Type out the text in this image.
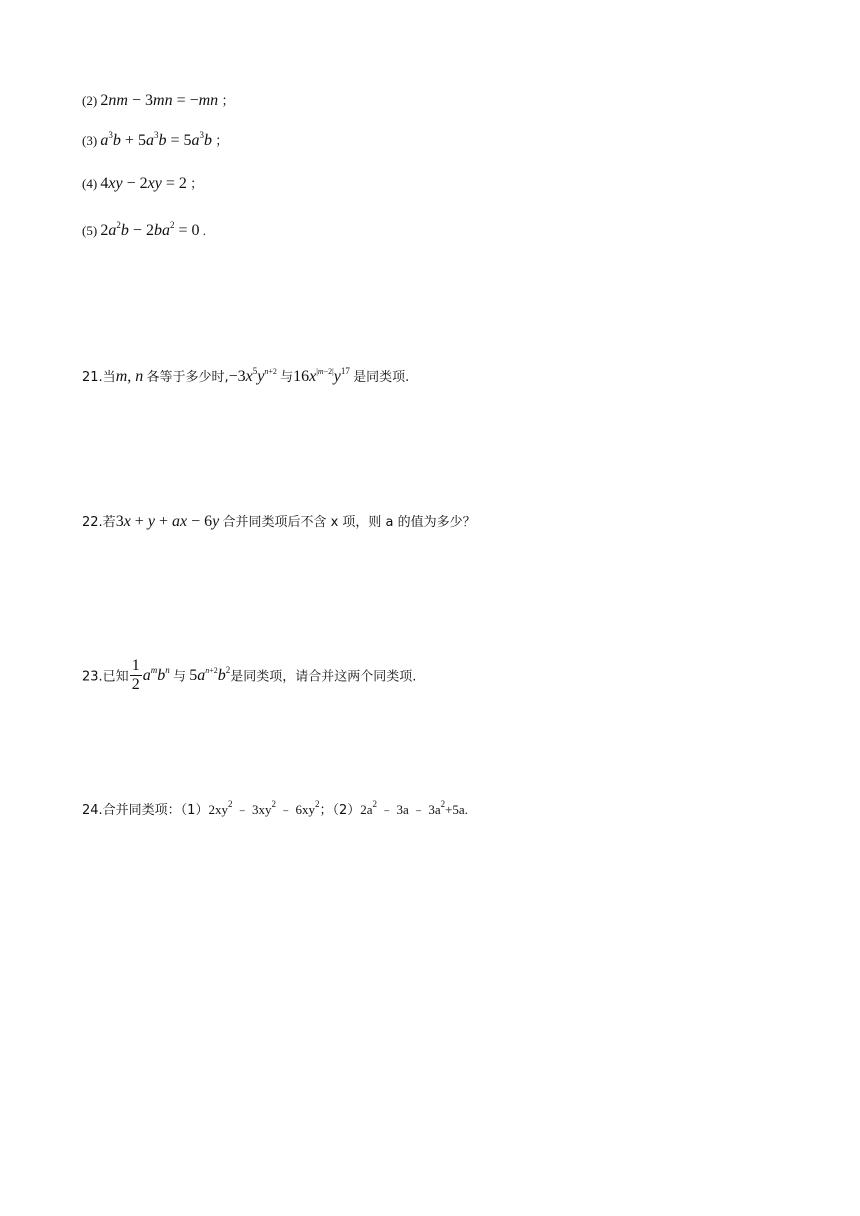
(2) 2nm − 3mn = −mn ；
(3) $a^3b + 5a^3b = 5a^3b$ ；
(4) 4xy − 2xy = 2 ；
(5) $2a^2b - 2ba^2 = 0$ .
21.当m, n 各等于多少时$,-3x^5y^{n+2}$ 与$16x^{|m-2|}y^{17}$ 是同类项.
22.若3x + y + ax − 6y 合并同类项后不含 x 项，则 a 的值为多少？
23.已知 $\frac{1}{2} a^mb^n$ 与 $5a^{n+2}b^2$是同类项，请合并这两个同类项.
24.合并同类项：$(1)2xy^2$ ﹣ $3xy^2$ ﹣ $6xy^2$；$(2)2a^2$ ﹣ 3a ﹣ $3a^2+5a$.
